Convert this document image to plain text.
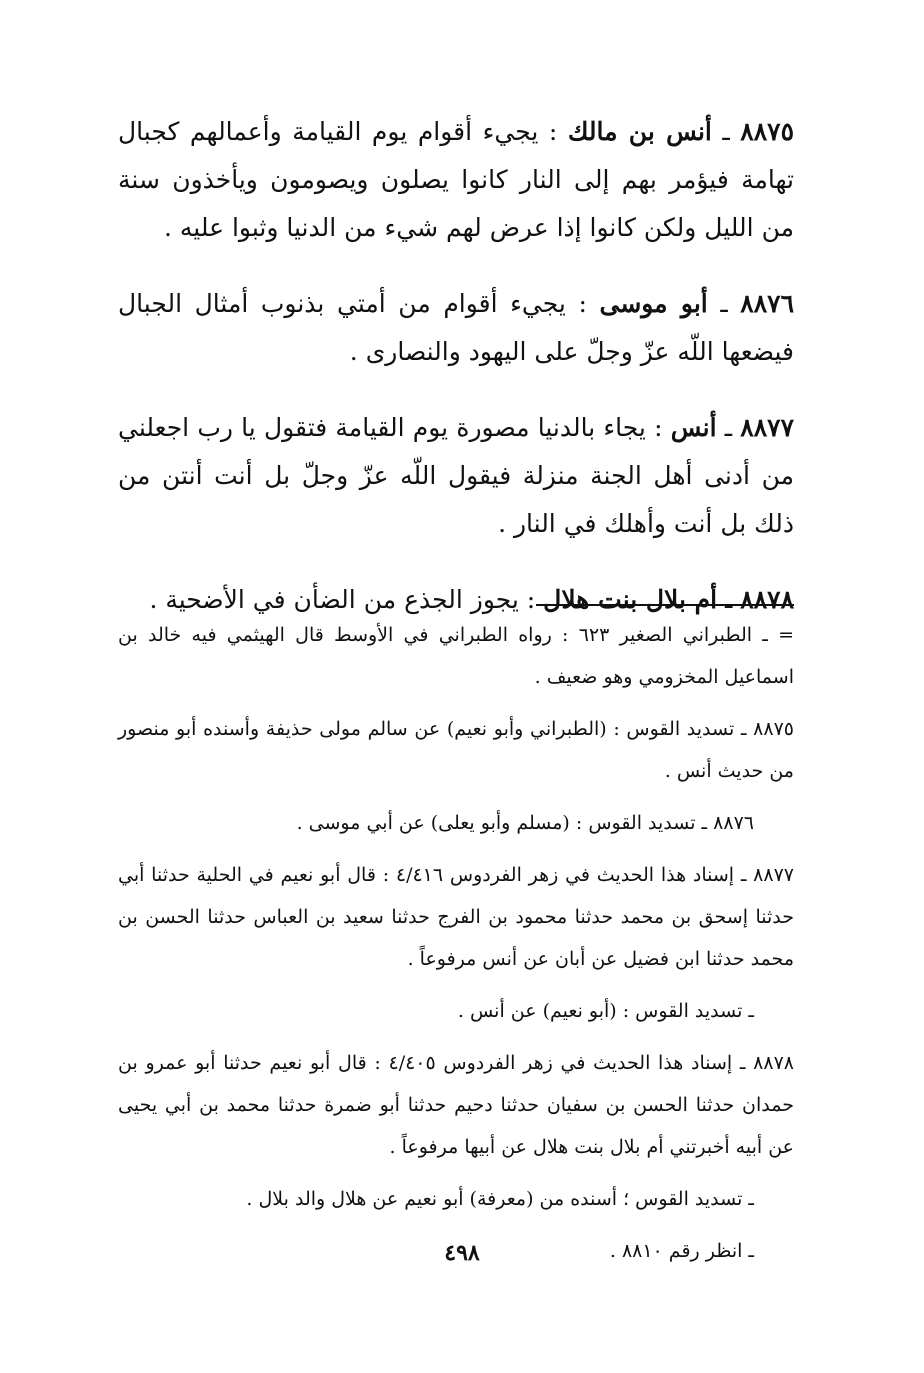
٨٨٧٥ ـ أنس بن مالك : يجيء أقوام يوم القيامة وأعمالهم كجبال تهامة فيؤمر بهم إلى النار كانوا يصلون ويصومون ويأخذون سنة من الليل ولكن كانوا إذا عرض لهم شيء من الدنيا وثبوا عليه .

٨٨٧٦ ـ أبو موسى : يجيء أقوام من أمتي بذنوب أمثال الجبال فيضعها اللّه عزّ وجلّ على اليهود والنصارى .

٨٨٧٧ ـ أنس : يجاء بالدنيا مصورة يوم القيامة فتقول يا رب اجعلني من أدنى أهل الجنة منزلة فيقول اللّه عزّ وجلّ بل أنت أنتن من ذلك بل أنت وأهلك في النار .

٨٨٧٨ ـ أم بلال بنت هلال : يجوز الجذع من الضأن في الأضحية .

= ـ الطبراني الصغير ٦٢٣ : رواه الطبراني في الأوسط قال الهيثمي فيه خالد بن اسماعيل المخزومي وهو ضعيف .

٨٨٧٥ ـ تسديد القوس : (الطبراني وأبو نعيم) عن سالم مولى حذيفة وأسنده أبو منصور من حديث أنس .

٨٨٧٦ ـ تسديد القوس : (مسلم وأبو يعلى) عن أبي موسى .

٨٨٧٧ ـ إسناد هذا الحديث في زهر الفردوس ٤/٤١٦ : قال أبو نعيم في الحلية حدثنا أبي حدثنا إسحق بن محمد حدثنا محمود بن الفرج حدثنا سعيد بن العباس حدثنا الحسن بن محمد حدثنا ابن فضيل عن أبان عن أنس مرفوعاً .

ـ تسديد القوس : (أبو نعيم) عن أنس .

٨٨٧٨ ـ إسناد هذا الحديث في زهر الفردوس ٤/٤٠٥ : قال أبو نعيم حدثنا أبو عمرو بن حمدان حدثنا الحسن بن سفيان حدثنا دحيم حدثنا أبو ضمرة حدثنا محمد بن أبي يحيى عن أبيه أخبرتني أم بلال بنت هلال عن أبيها مرفوعاً .

ـ تسديد القوس ؛ أسنده من (معرفة) أبو نعيم عن هلال والد بلال .

ـ انظر رقم ٨٨١٠ .

٤٩٨
